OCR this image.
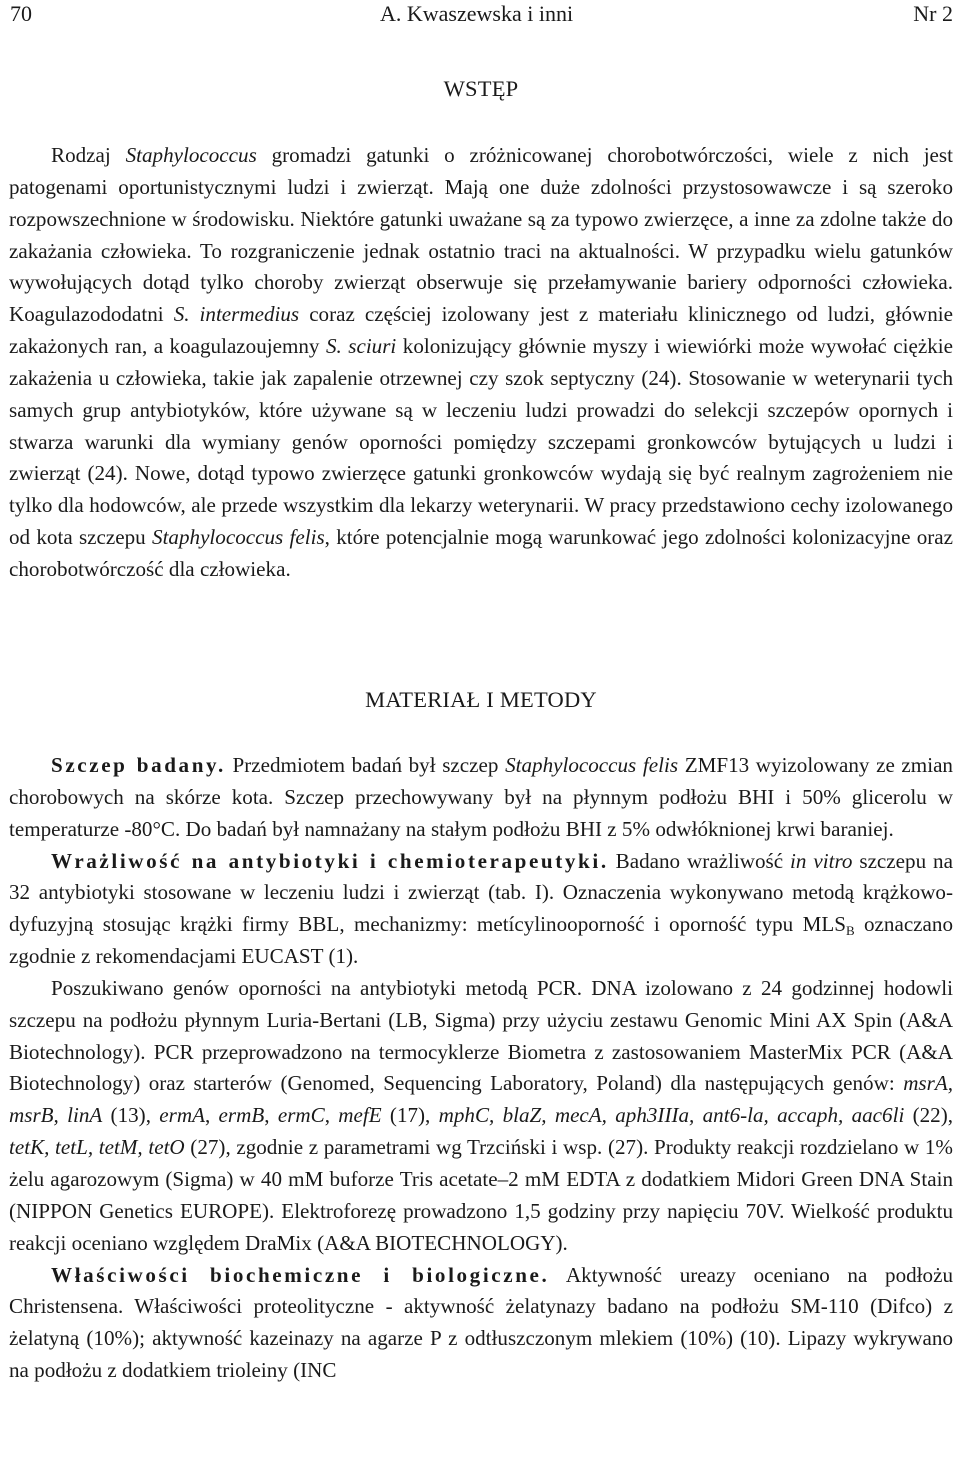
70	A. Kwaszewska i inni	Nr 2
WSTĘP

Rodzaj Staphylococcus gromadzi gatunki o zróżnicowanej chorobotwórczości, wiele z nich jest patogenami oportunistycznymi ludzi i zwierząt. Mają one duże zdolności przystosowawcze i są szeroko rozpowszechnione w środowisku. Niektóre gatunki uważane są za typowo zwierzęce, a inne za zdolne także do zakażania człowieka. To rozgraniczenie jednak ostatnio traci na aktualności. W przypadku wielu gatunków wywołujących dotąd tylko choroby zwierząt obserwuje się przełamywanie bariery odporności człowieka. Koagulazododatni S. intermedius coraz częściej izolowany jest z materiału klinicznego od ludzi, głównie zakażonych ran, a koagulazoujemny S. sciuri kolonizujący głównie myszy i wiewiórki może wywołać ciężkie zakażenia u człowieka, takie jak zapalenie otrzewnej czy szok septyczny (24). Stosowanie w weterynarii tych samych grup antybiotyków, które używane są w leczeniu ludzi prowadzi do selekcji szczepów opornych i stwarza warunki dla wymiany genów oporności pomiędzy szczepami gronkowców bytujących u ludzi i zwierząt (24). Nowe, dotąd typowo zwierzęce gatunki gronkowców wydają się być realnym zagrożeniem nie tylko dla hodowców, ale przede wszystkim dla lekarzy weterynarii. W pracy przedstawiono cechy izolowanego od kota szczepu Staphylococcus felis, które potencjalnie mogą warunkować jego zdolności kolonizacyjne oraz chorobotwórczość dla człowieka.

MATERIAŁ I METODY

Szczep badany. Przedmiotem badań był szczep Staphylococcus felis ZMF13 wyizolowany ze zmian chorobowych na skórze kota. Szczep przechowywany był na płynnym podłożu BHI i 50% glicerolu w temperaturze -80°C. Do badań był namnażany na stałym podłożu BHI z 5% odwłóknionej krwi baraniej.

Wrażliwość na antybiotyki i chemioterapeutyki. Badano wrażliwość in vitro szczepu na 32 antybiotyki stosowane w leczeniu ludzi i zwierząt (tab. I). Oznaczenia wykonywano metodą krążkowo-dyfuzyjną stosując krążki firmy BBL, mechanizmy: metícylinooporność i oporność typu $MLS_B$ oznaczano zgodnie z rekomendacjami EUCAST (1).

Poszukiwano genów oporności na antybiotyki metodą PCR. DNA izolowano z 24 godzinnej hodowli szczepu na podłożu płynnym Luria-Bertani (LB, Sigma) przy użyciu zestawu Genomic Mini AX Spin (A&A Biotechnology). PCR przeprowadzono na termocyklerze Biometra z zastosowaniem MasterMix PCR (A&A Biotechnology) oraz starterów (Genomed, Sequencing Laboratory, Poland) dla następujących genów: msrA, msrB, linA (13), ermA, ermB, ermC, mefE (17), mphC, blaZ, mecA, aph3IIIa, ant6-la, accaph, aac6li (22), tetK, tetL, tetM, tetO (27), zgodnie z parametrami wg Trzciński i wsp. (27). Produkty reakcji rozdzielano w 1% żelu agarozowym (Sigma) w 40 mM buforze Tris acetate–2 mM EDTA z dodatkiem Midori Green DNA Stain (NIPPON Genetics EUROPE). Elektroforezę prowadzono 1,5 godziny przy napięciu 70V. Wielkość produktu reakcji oceniano względem DraMix (A&A BIOTECHNOLOGY).

Właściwości biochemiczne i biologiczne. Aktywność ureazy oceniano na podłożu Christensena. Właściwości proteolityczne - aktywność żelatynazy badano na podłożu SM-110 (Difco) z żelatyną (10%); aktywność kazeinazy na agarze P z odtłuszczonym mlekiem (10%) (10). Lipazy wykrywano na podłożu z dodatkiem trioleiny (INC
